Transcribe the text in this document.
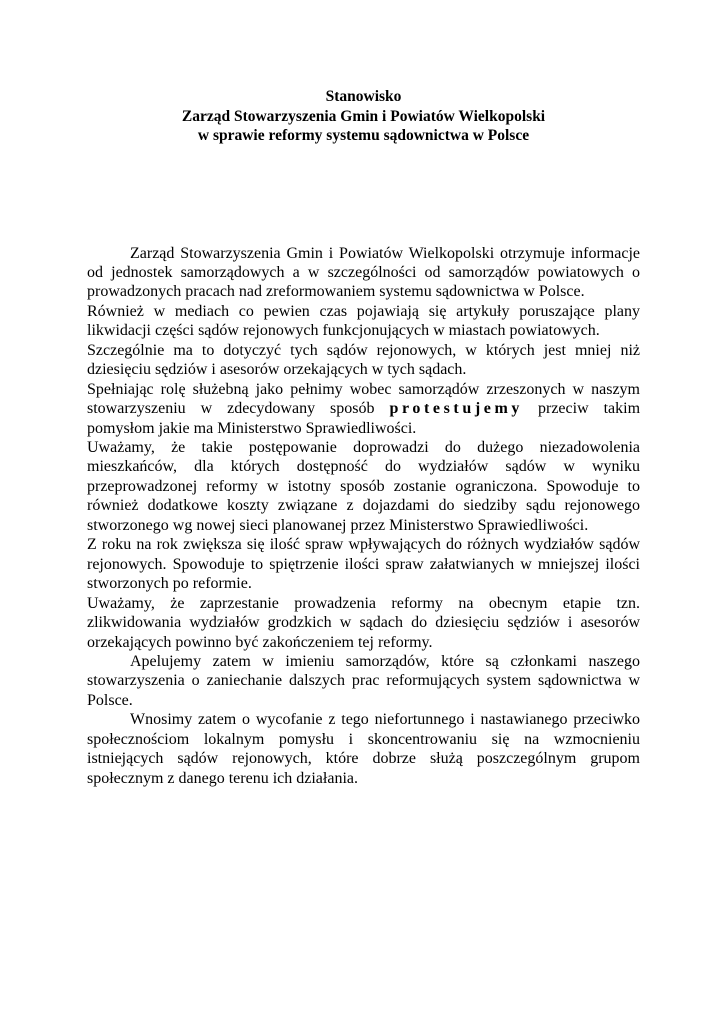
Stanowisko
Zarząd Stowarzyszenia Gmin i Powiatów Wielkopolski
w sprawie reformy systemu sądownictwa w Polsce

Zarząd Stowarzyszenia Gmin i Powiatów Wielkopolski otrzymuje informacje od jednostek samorządowych a w szczególności od samorządów powiatowych o prowadzonych pracach nad zreformowaniem systemu sądownictwa w Polsce.

Również w mediach co pewien czas pojawiają się artykuły poruszające plany likwidacji części sądów rejonowych funkcjonujących w miastach powiatowych.

Szczególnie ma to dotyczyć tych sądów rejonowych, w których jest mniej niż dziesięciu sędziów i asesorów orzekających w tych sądach.

Spełniając rolę służebną jako pełnimy wobec samorządów zrzeszonych w naszym stowarzyszeniu w zdecydowany sposób protestujemy przeciw takim pomysłom jakie ma Ministerstwo Sprawiedliwości.

Uważamy, że takie postępowanie doprowadzi do dużego niezadowolenia mieszkańców, dla których dostępność do wydziałów sądów w wyniku przeprowadzonej reformy w istotny sposób zostanie ograniczona. Spowoduje to również dodatkowe koszty związane z dojazdami do siedziby sądu rejonowego stworzonego wg nowej sieci planowanej przez Ministerstwo Sprawiedliwości.

Z roku na rok zwiększa się ilość spraw wpływających do różnych wydziałów sądów rejonowych. Spowoduje to spiętrzenie ilości spraw załatwianych w mniejszej ilości stworzonych po reformie.

Uważamy, że zaprzestanie prowadzenia reformy na obecnym etapie tzn. zlikwidowania wydziałów grodzkich w sądach do dziesięciu sędziów i asesorów orzekających powinno być zakończeniem tej reformy.

Apelujemy zatem w imieniu samorządów, które są członkami naszego stowarzyszenia o zaniechanie dalszych prac reformujących system sądownictwa w Polsce.

Wnosimy zatem o wycofanie z tego niefortunnego i nastawianego przeciwko społecznościom lokalnym pomysłu i skoncentrowaniu się na wzmocnieniu istniejących sądów rejonowych, które dobrze służą poszczególnym grupom społecznym z danego terenu ich działania.
